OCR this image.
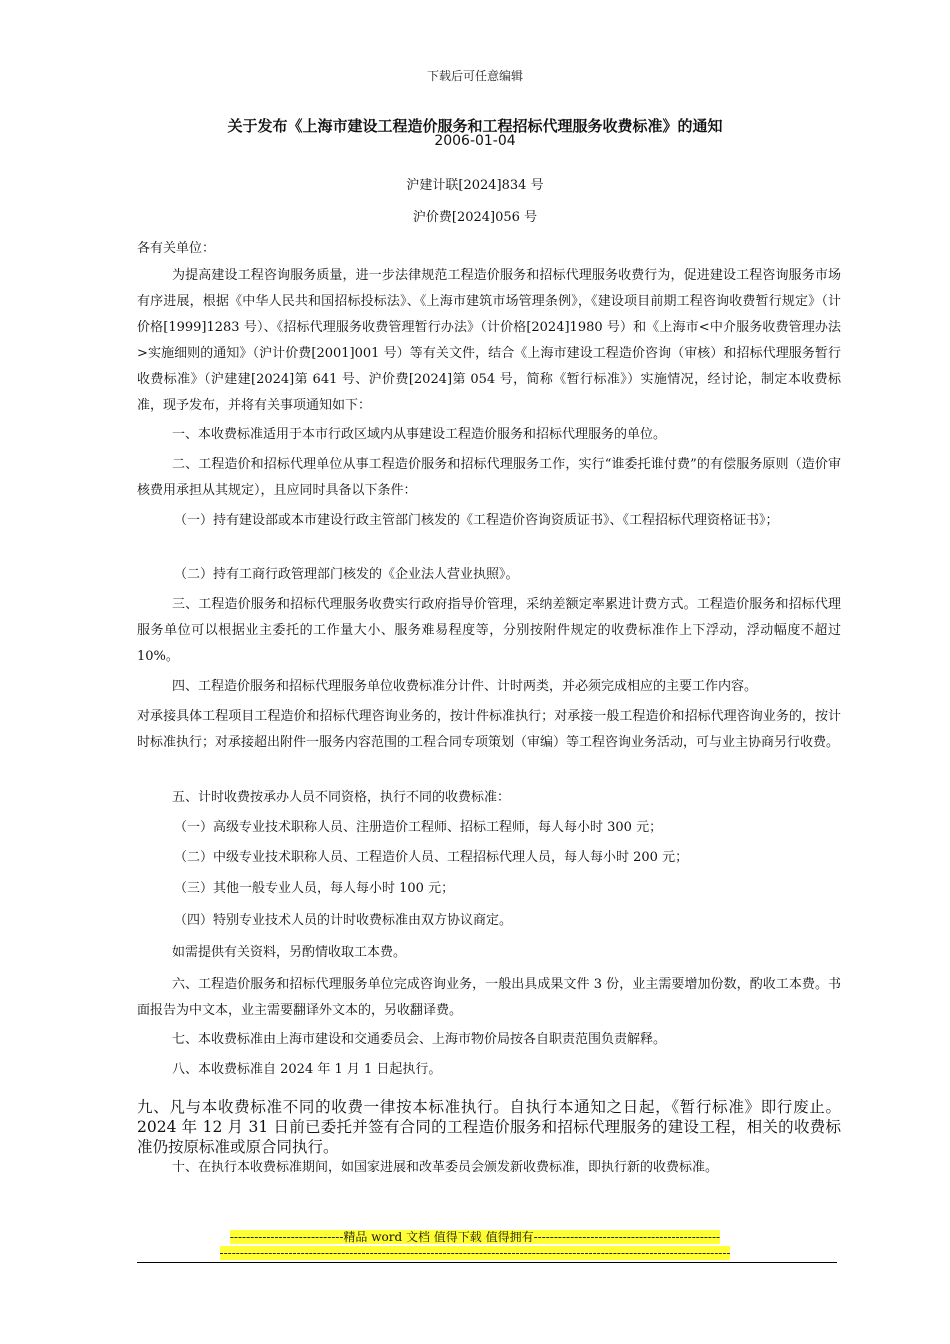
下载后可任意编辑
关于发布《上海市建设工程造价服务和工程招标代理服务收费标准》的通知
2006-01-04
沪建计联[2024]834 号
沪价费[2024]056 号
各有关单位：
为提高建设工程咨询服务质量，进一步法律规范工程造价服务和招标代理服务收费行为，促进建设工程咨询服务市场有序进展，根据《中华人民共和国招标投标法》、《上海市建筑市场管理条例》，《建设项目前期工程咨询收费暂行规定》（计价格[1999]1283 号）、《招标代理服务收费管理暂行办法》（计价格[2024]1980 号）和《上海市<中介服务收费管理办法>实施细则的通知》（沪计价费[2001]001 号）等有关文件，结合《上海市建设工程造价咨询（审核）和招标代理服务暂行收费标准》（沪建建[2024]第 641 号、沪价费[2024]第 054 号，简称《暂行标准》）实施情况，经讨论，制定本收费标准，现予发布，并将有关事项通知如下：
一、本收费标准适用于本市行政区域内从事建设工程造价服务和招标代理服务的单位。
二、工程造价和招标代理单位从事工程造价服务和招标代理服务工作，实行“谁委托谁付费”的有偿服务原则（造价审核费用承担从其规定），且应同时具备以下条件：
（一）持有建设部或本市建设行政主管部门核发的《工程造价咨询资质证书》、《工程招标代理资格证书》；
（二）持有工商行政管理部门核发的《企业法人营业执照》。
三、工程造价服务和招标代理服务收费实行政府指导价管理，采纳差额定率累进计费方式。工程造价服务和招标代理服务单位可以根据业主委托的工作量大小、服务难易程度等，分别按附件规定的收费标准作上下浮动，浮动幅度不超过 10%。
四、工程造价服务和招标代理服务单位收费标准分计件、计时两类，并必须完成相应的主要工作内容。
对承接具体工程项目工程造价和招标代理咨询业务的，按计件标准执行；对承接一般工程造价和招标代理咨询业务的，按计时标准执行；对承接超出附件一服务内容范围的工程合同专项策划（审编）等工程咨询业务活动，可与业主协商另行收费。
五、计时收费按承办人员不同资格，执行不同的收费标准：
（一）高级专业技术职称人员、注册造价工程师、招标工程师，每人每小时 300 元；
（二）中级专业技术职称人员、工程造价人员、工程招标代理人员，每人每小时 200 元；
（三）其他一般专业人员，每人每小时 100 元；
（四）特别专业技术人员的计时收费标准由双方协议商定。
如需提供有关资料，另酌情收取工本费。
六、工程造价服务和招标代理服务单位完成咨询业务，一般出具成果文件 3 份，业主需要增加份数，酌收工本费。书面报告为中文本，业主需要翻译外文本的，另收翻译费。
七、本收费标准由上海市建设和交通委员会、上海市物价局按各自职责范围负责解释。
八、本收费标准自 2024 年 1 月 1 日起执行。
九、凡与本收费标准不同的收费一律按本标准执行。自执行本通知之日起，《暂行标准》即行废止。2024 年 12 月 31 日前已委托并签有合同的工程造价服务和招标代理服务的建设工程，相关的收费标准仍按原标准或原合同执行。
十、在执行本收费标准期间，如国家进展和改革委员会颁发新收费标准，即执行新的收费标准。
----------------------------精品 word 文档 值得下载 值得拥有----------------------------------------------
------------------------------------------------------------------------------------------------------------------------------
